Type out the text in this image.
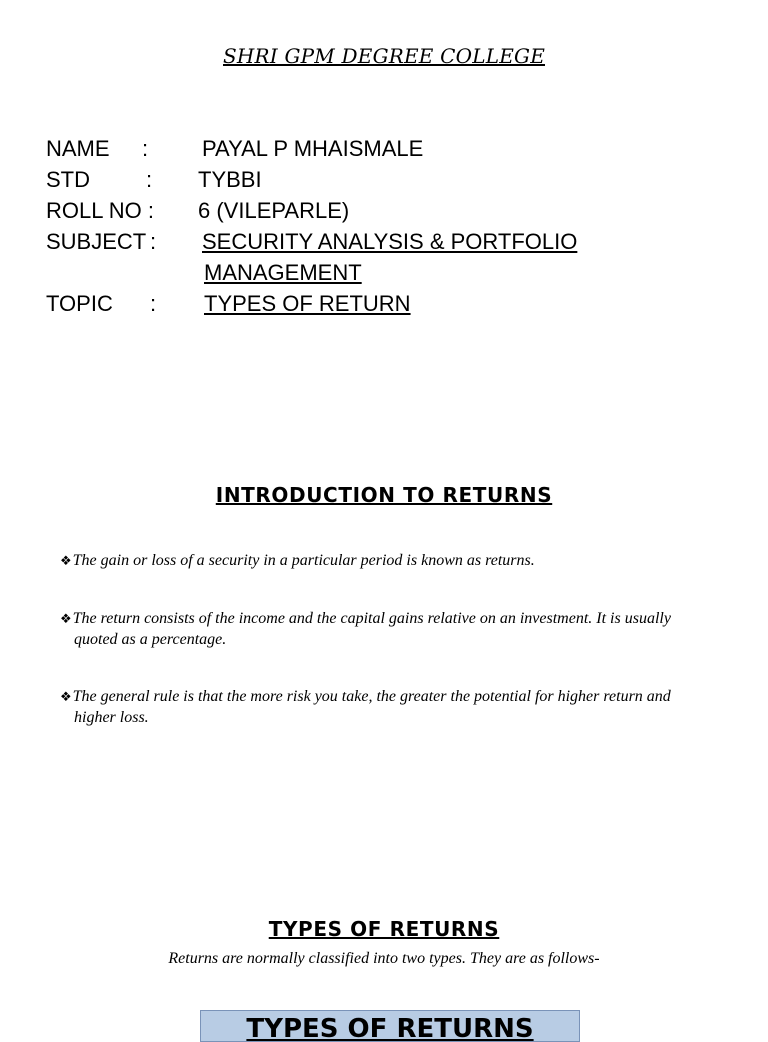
SHRI GPM DEGREE COLLEGE
NAME : PAYAL P MHAISMALE
STD	: TYBBI
ROLL NO : 6 (VILEPARLE)
SUBJECT : SECURITY ANALYSIS & PORTFOLIO
MANAGEMENT
TOPIC : TYPES OF RETURN
INTRODUCTION TO RETURNS
❖The gain or loss of a security in a particular period is known as returns.
❖The return consists of the income and the capital gains relative on an investment. It is usually
quoted as a percentage.
❖The general rule is that the more risk you take, the greater the potential for higher return and
higher loss.
TYPES OF RETURNS
Returns are normally classified into two types. They are as follows-
TYPES OF RETURNS
